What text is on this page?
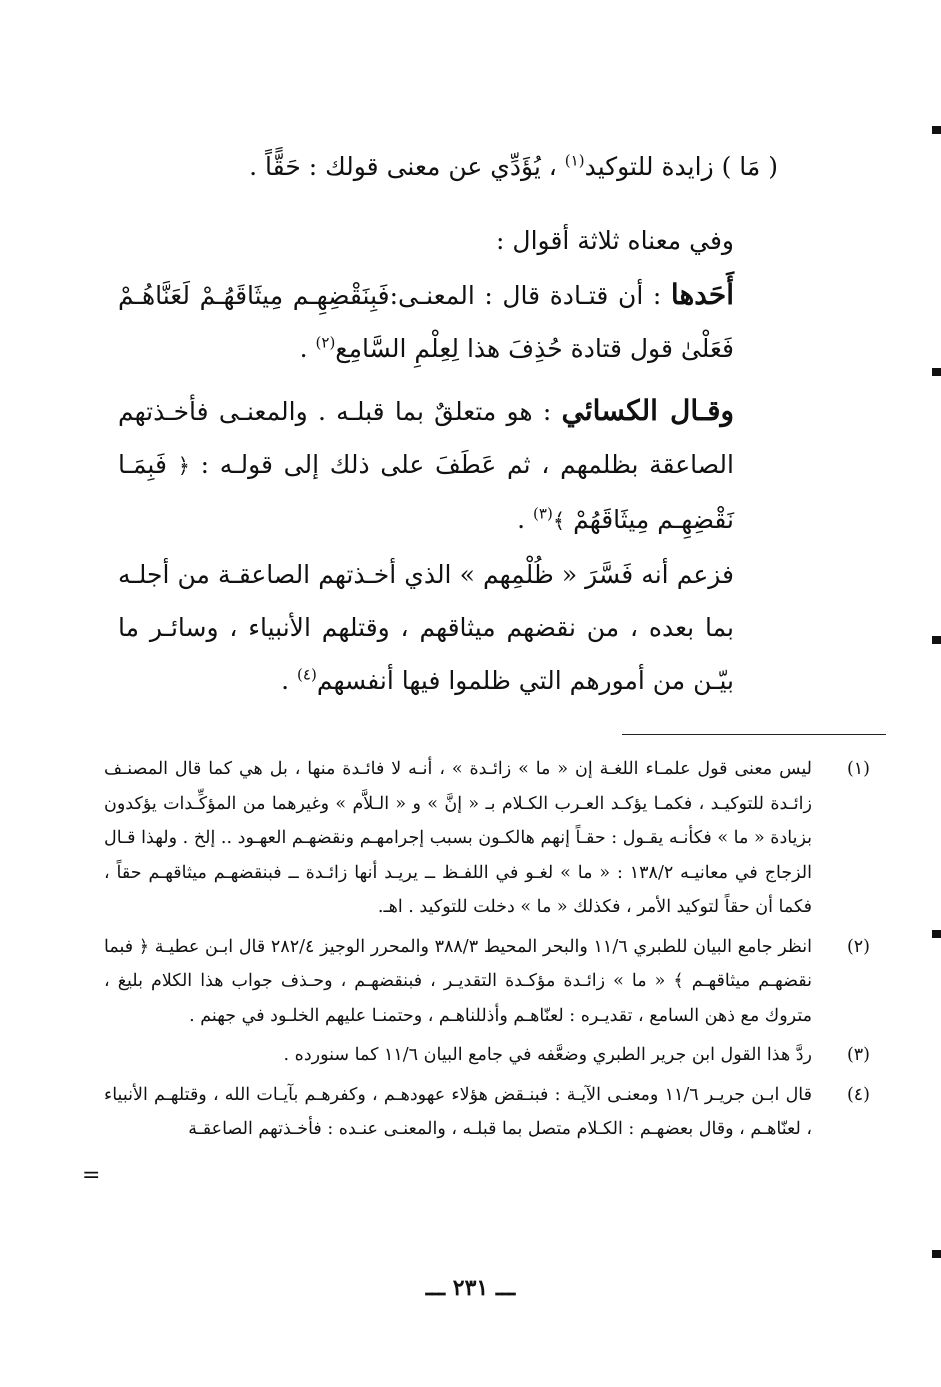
( مَا ) زايدة للتوكيد$^{(١)}$ ، يُؤَدِّي عن معنى قولك : حَقًّاً .

وفي معناه ثلاثة أقوال :

أَحَدها : أن قتـادة قال : المعنـى:فَبِنَقْضِهِـم مِيثَاقَهُـمْ لَعَنَّاهُـمْ فَعَلْىٰ قول قتادة حُذِفَ هذا لِعِلْمِ السَّامِع$^{(٢)}$ .

وقـال الكسائي : هو متعلقٌ بما قبلـه . والمعنـى فأخـذتهم الصاعقة بظلمهم ، ثم عَطَفَ على ذلك إلى قولـه : ﴿ فَبِمَـا نَقْضِهِـم مِيثَاقَهُمْ ﴾$^{(٣)}$ .

فزعم أنه فَسَّرَ « ظُلْمِهم » الذي أخـذتهم الصاعقـة من أجلـه بما بعده ، من نقضهم ميثاقهم ، وقتلهم الأنبياء ، وسائـر ما بيّـن من أمورهم التي ظلموا فيها أنفسهم$^{(٤)}$ .

(١)
ليس معنى قول علمـاء اللغـة إن « ما » زائـدة » ، أنـه لا فائـدة منها ، بل هي كما قال المصنـف زائـدة للتوكيـد ، فكمـا يؤكـد العـرب الكـلام بـ « إنَّ » و « الـلاَّم » وغيرهما من المؤكِّـدات يؤكدون بزيادة « ما » فكأنـه يقـول : حقـاً إنهم هالكـون بسبب إجرامهـم ونقضهـم العهـود .. إلخ . ولهذا قـال الزجاج في معانيـه ١٣٨/٢ : « ما » لغـو في اللفـظ ــ يريـد أنها زائـدة ــ فبنقضهـم ميثاقهـم حقاً ، فكما أن حقاً لتوكيد الأمر ، فكذلك « ما » دخلت للتوكيد . اهـ.

(٢)
انظر جامع البيان للطبري ١١/٦ والبحر المحيط ٣٨٨/٣ والمحرر الوجيز ٢٨٢/٤ قال ابـن عطيـة ﴿ فبما نقضهـم ميثاقهـم ﴾ « ما » زائـدة مؤكـدة التقديـر ، فبنقضهـم ، وحـذف جواب هذا الكلام بليغ ، متروك مع ذهن السامع ، تقديـره : لعنّاهـم وأذللناهـم ، وحتمنـا عليهم الخلـود في جهنم .

(٣)
ردَّ هذا القول ابن جرير الطبري وضعَّفه في جامع البيان ١١/٦ كما سنورده .

(٤)
قال ابـن جريـر ١١/٦ ومعنـى الآيـة : فبنـقض هؤلاء عهودهـم ، وكفرهـم بآيـات الله ، وقتلهـم الأنبياء ، لعنّاهـم ، وقال بعضهـم : الكـلام متصل بما قبلـه ، والمعنـى عنـده : فأخـذتهم الصاعقـة

=
ـــ ٢٣١ ـــ
